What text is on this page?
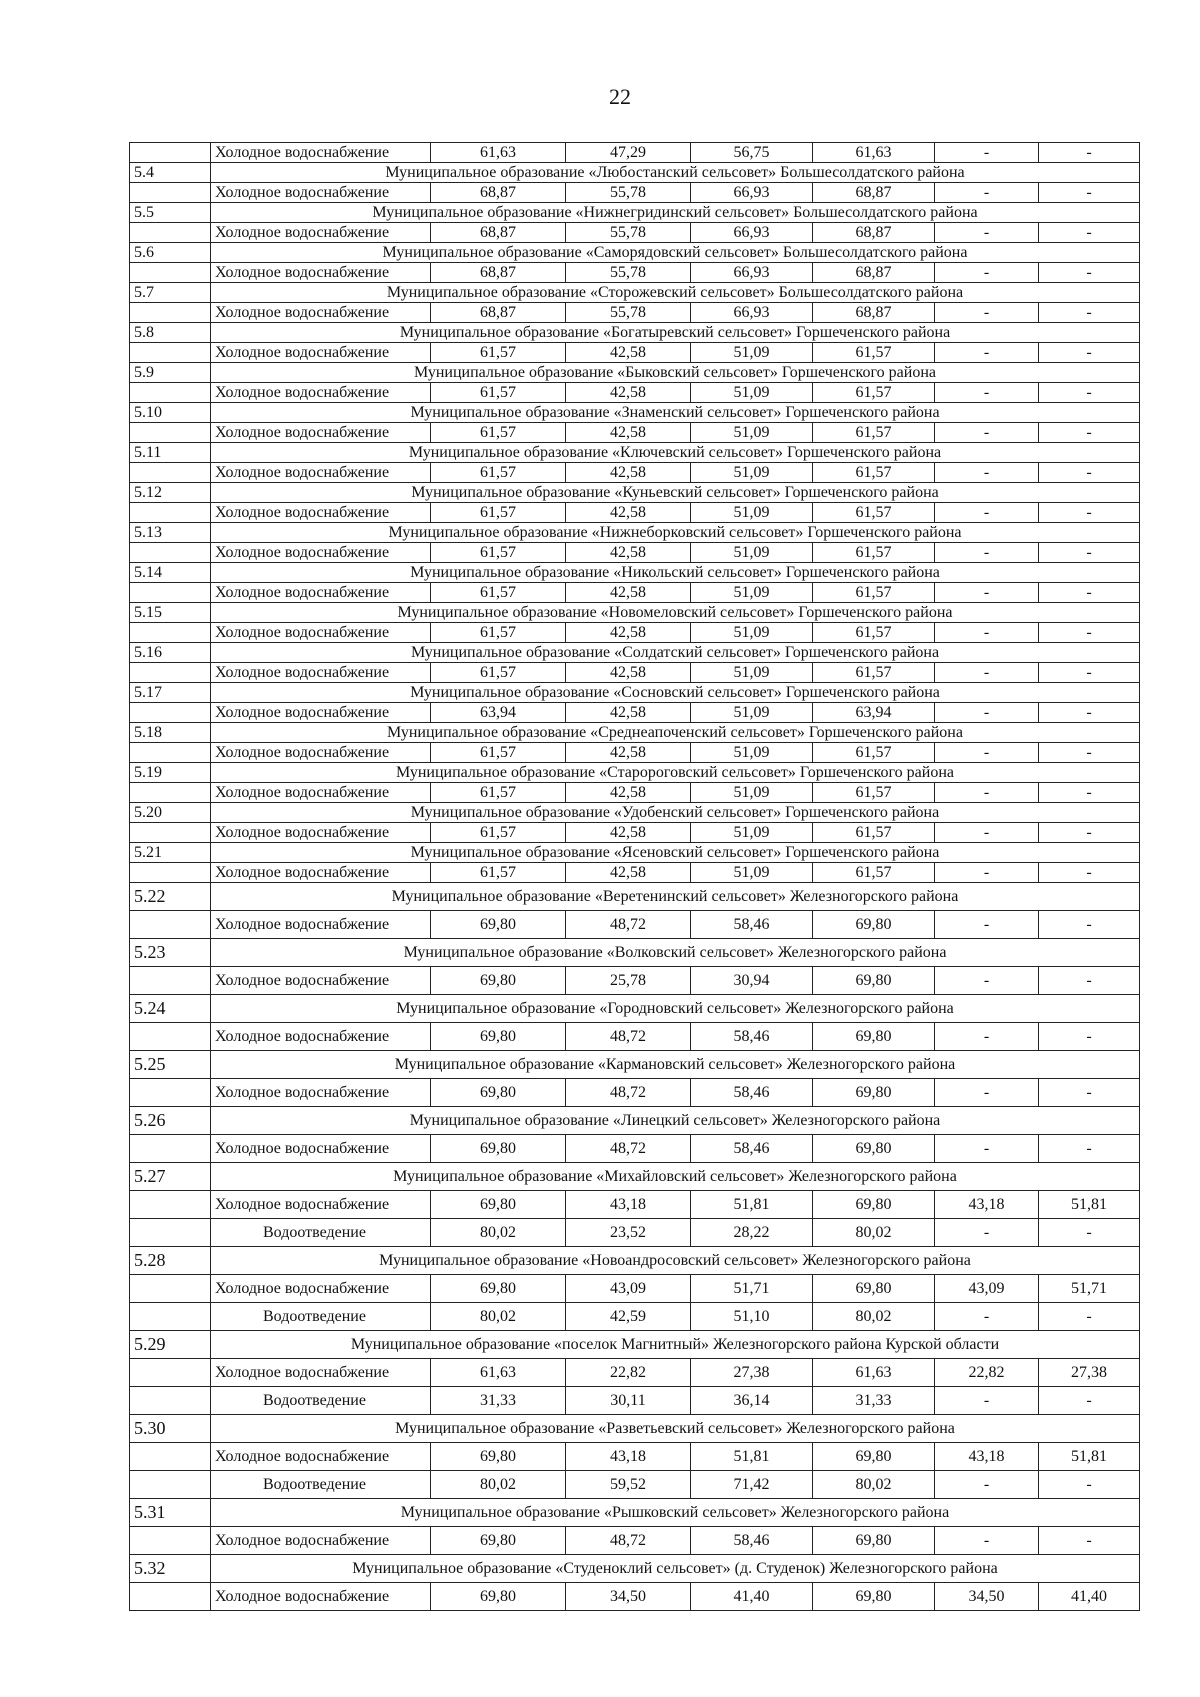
22
	Холодное водоснабжение	61,63	47,29	56,75	61,63	-	-
5.4	Муниципальное образование «Любостанский сельсовет» Большесолдатского района						
	Холодное водоснабжение	68,87	55,78	66,93	68,87	-	-
5.5	Муниципальное образование «Нижнегридинский сельсовет» Большесолдатского района						
	Холодное водоснабжение	68,87	55,78	66,93	68,87	-	-
5.6	Муниципальное образование «Саморядовский сельсовет» Большесолдатского района						
	Холодное водоснабжение	68,87	55,78	66,93	68,87	-	-
5.7	Муниципальное образование «Сторожевский сельсовет» Большесолдатского района						
	Холодное водоснабжение	68,87	55,78	66,93	68,87	-	-
5.8	Муниципальное образование «Богатыревский сельсовет» Горшеченского района						
	Холодное водоснабжение	61,57	42,58	51,09	61,57	-	-
5.9	Муниципальное образование «Быковский сельсовет» Горшеченского района						
	Холодное водоснабжение	61,57	42,58	51,09	61,57	-	-
5.10	Муниципальное образование «Знаменский сельсовет» Горшеченского района						
	Холодное водоснабжение	61,57	42,58	51,09	61,57	-	-
5.11	Муниципальное образование «Ключевский сельсовет» Горшеченского района						
	Холодное водоснабжение	61,57	42,58	51,09	61,57	-	-
5.12	Муниципальное образование «Куньевский сельсовет» Горшеченского района						
	Холодное водоснабжение	61,57	42,58	51,09	61,57	-	-
5.13	Муниципальное образование «Нижнеборковский сельсовет» Горшеченского района						
	Холодное водоснабжение	61,57	42,58	51,09	61,57	-	-
5.14	Муниципальное образование «Никольский сельсовет» Горшеченского района						
	Холодное водоснабжение	61,57	42,58	51,09	61,57	-	-
5.15	Муниципальное образование «Новомеловский сельсовет» Горшеченского района						
	Холодное водоснабжение	61,57	42,58	51,09	61,57	-	-
5.16	Муниципальное образование «Солдатский сельсовет» Горшеченского района						
	Холодное водоснабжение	61,57	42,58	51,09	61,57	-	-
5.17	Муниципальное образование «Сосновский сельсовет» Горшеченского района						
	Холодное водоснабжение	63,94	42,58	51,09	63,94	-	-
5.18	Муниципальное образование «Среднеапоченский сельсовет» Горшеченского района						
	Холодное водоснабжение	61,57	42,58	51,09	61,57	-	-
5.19	Муниципальное образование «Старороговский сельсовет» Горшеченского района						
	Холодное водоснабжение	61,57	42,58	51,09	61,57	-	-
5.20	Муниципальное образование «Удобенский сельсовет» Горшеченского района						
	Холодное водоснабжение	61,57	42,58	51,09	61,57	-	-
5.21	Муниципальное образование «Ясеновский сельсовет» Горшеченского района						
	Холодное водоснабжение	61,57	42,58	51,09	61,57	-	-
5.22	Муниципальное образование «Веретенинский сельсовет» Железногорского района						
	Холодное водоснабжение	69,80	48,72	58,46	69,80	-	-
5.23	Муниципальное образование «Волковский сельсовет» Железногорского района						
	Холодное водоснабжение	69,80	25,78	30,94	69,80	-	-
5.24	Муниципальное образование «Городновский сельсовет» Железногорского района						
	Холодное водоснабжение	69,80	48,72	58,46	69,80	-	-
5.25	Муниципальное образование «Кармановский сельсовет» Железногорского района						
	Холодное водоснабжение	69,80	48,72	58,46	69,80	-	-
5.26	Муниципальное образование «Линецкий сельсовет» Железногорского района						
	Холодное водоснабжение	69,80	48,72	58,46	69,80	-	-
5.27	Муниципальное образование «Михайловский сельсовет» Железногорского района						
	Холодное водоснабжение	69,80	43,18	51,81	69,80	43,18	51,81
	Водоотведение	80,02	23,52	28,22	80,02	-	-
5.28	Муниципальное образование «Новоандросовский сельсовет» Железногорского района						
	Холодное водоснабжение	69,80	43,09	51,71	69,80	43,09	51,71
	Водоотведение	80,02	42,59	51,10	80,02	-	-
5.29	Муниципальное образование «поселок Магнитный» Железногорского района Курской области						
	Холодное водоснабжение	61,63	22,82	27,38	61,63	22,82	27,38
	Водоотведение	31,33	30,11	36,14	31,33	-	-
5.30	Муниципальное образование «Разветьевский сельсовет» Железногорского района						
	Холодное водоснабжение	69,80	43,18	51,81	69,80	43,18	51,81
	Водоотведение	80,02	59,52	71,42	80,02	-	-
5.31	Муниципальное образование «Рышковский сельсовет» Железногорского района						
	Холодное водоснабжение	69,80	48,72	58,46	69,80	-	-
5.32	Муниципальное образование «Студеноклий сельсовет» (д. Студенок) Железногорского района						
	Холодное водоснабжение	69,80	34,50	41,40	69,80	34,50	41,40
